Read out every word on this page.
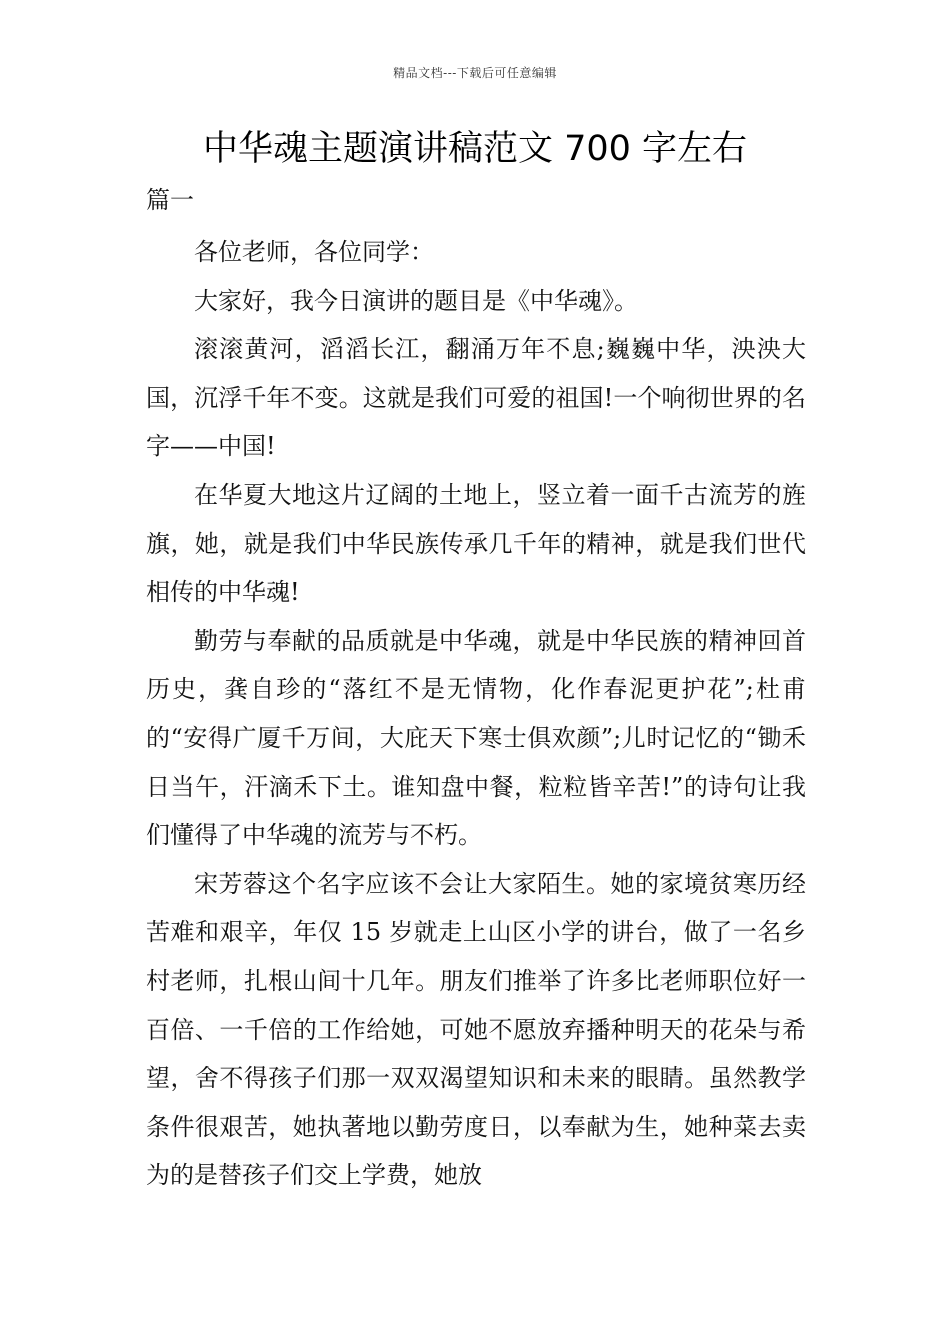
精品文档---下载后可任意编辑
中华魂主题演讲稿范文 700 字左右
篇一

各位老师，各位同学：

大家好，我今日演讲的题目是《中华魂》。

滚滚黄河，滔滔长江，翻涌万年不息;巍巍中华，泱泱大国，沉浮千年不变。这就是我们可爱的祖国!一个响彻世界的名字——中国!

在华夏大地这片辽阔的土地上，竖立着一面千古流芳的旌旗，她，就是我们中华民族传承几千年的精神，就是我们世代相传的中华魂!

勤劳与奉献的品质就是中华魂，就是中华民族的精神回首历史，龚自珍的“落红不是无情物，化作春泥更护花”;杜甫的“安得广厦千万间，大庇天下寒士俱欢颜”;儿时记忆的“锄禾日当午，汗滴禾下土。谁知盘中餐，粒粒皆辛苦!”的诗句让我们懂得了中华魂的流芳与不朽。

宋芳蓉这个名字应该不会让大家陌生。她的家境贫寒历经苦难和艰辛，年仅 15 岁就走上山区小学的讲台，做了一名乡村老师，扎根山间十几年。朋友们推举了许多比老师职位好一百倍、一千倍的工作给她，可她不愿放弃播种明天的花朵与希望，舍不得孩子们那一双双渴望知识和未来的眼睛。虽然教学条件很艰苦，她执著地以勤劳度日，以奉献为生，她种菜去卖为的是替孩子们交上学费，她放
